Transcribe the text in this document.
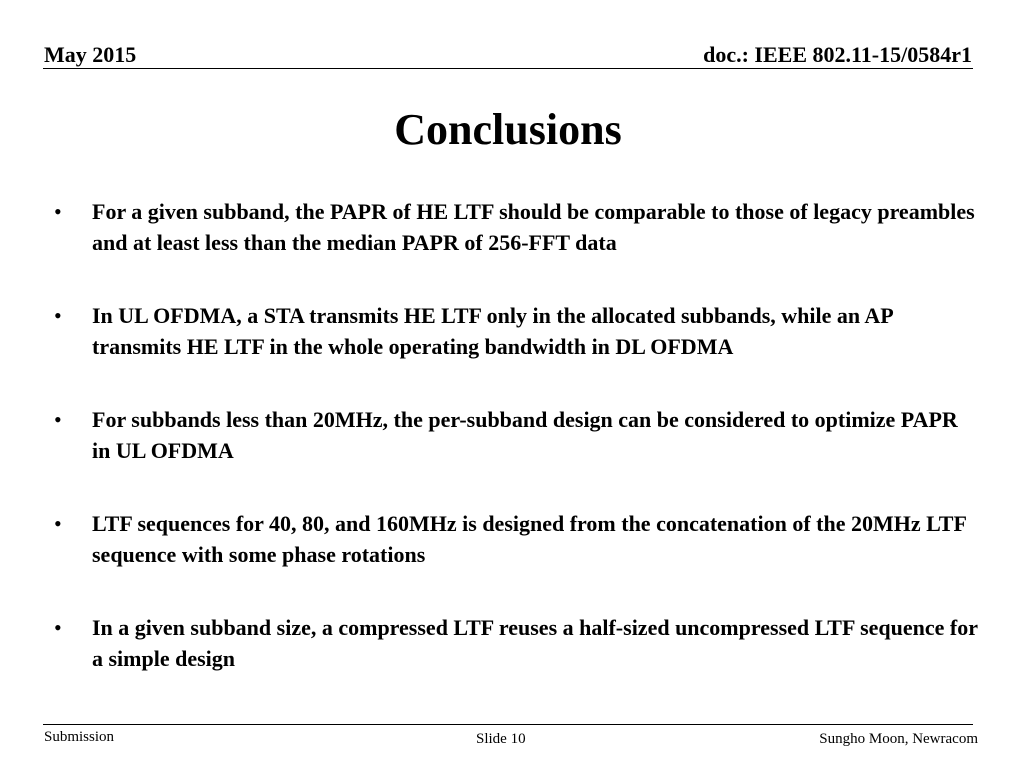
May 2015	doc.: IEEE 802.11-15/0584r1
Conclusions
• For a given subband, the PAPR of HE LTF should be comparable to those of legacy preambles and at least less than the median PAPR of 256-FFT data
• In UL OFDMA, a STA transmits HE LTF only in the allocated subbands, while an AP transmits HE LTF in the whole operating bandwidth in DL OFDMA
• For subbands less than 20MHz, the per-subband design can be considered to optimize PAPR in UL OFDMA
• LTF sequences for 40, 80, and 160MHz is designed from the concatenation of the 20MHz LTF sequence with some phase rotations
• In a given subband size, a compressed LTF reuses a half-sized uncompressed LTF sequence for a simple design
Submission	Slide 10	Sungho Moon, Newracom
